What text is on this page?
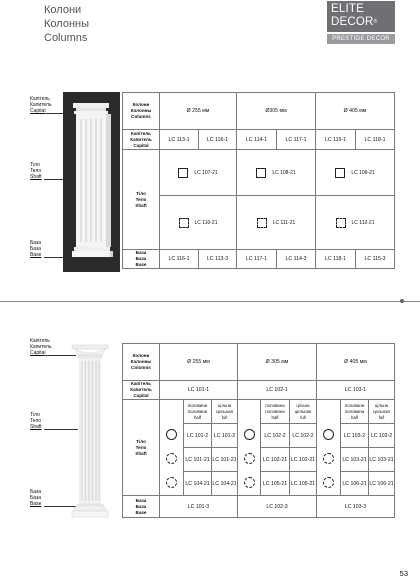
Колони
Колонны
Columns
ELITE
DECOR®
PRESTIGE DECOR
Капітель
Капитель
Capital
Тіло
Тело
Shaft
База
База
Base
Колони
Колонны
Columns	Ø 255 мм		Ø305 мм		Ø 405 мм	

Капітель
Капитель
Capital	LC 113-1	LC 116-1	LC 114-1	LC 117-1	LC 115-1	LC 118-1

Тіло
Тело
Shaft	LC 107-21		LC 108-21		LC 109-21	

	LC 110-21		LC 111-21		LC 112-21	

База
База
Base	LC 116-1	LC 113-3	LC 117-1	LC 114-3	LC 118-1	LC 115-3
Капітель
Капитель
Capital
Тіло
Тело
Shaft
База
База
Base
Колони
Колонны
Columns	Ø 255 мм			Ø 305 мм			Ø 405 мм		

Капітель
Капитель
Capital	LC 101-1			LC 102-1			LC 103-1		

Тіло
Тело
Shaft		половина
половина
half	цільна
цельная
full		половина
половина
half	цільна
цельная
full		половина
половина
half	цільна
цельная
full

		LC 101-2	LC 101-2		LC 102-2	LC 102-2		LC 103-2	LC 103-2
		LC 101-21	LC 101-21		LC 102-21	LC 102-21		LC 103-21	LC 103-21
		LC 104-21	LC 104-21		LC 105-21	LC 105-21		LC 106-21	LC 106-21

База
База
Base	LC 101-3			LC 102-3			LC 103-3		
53
